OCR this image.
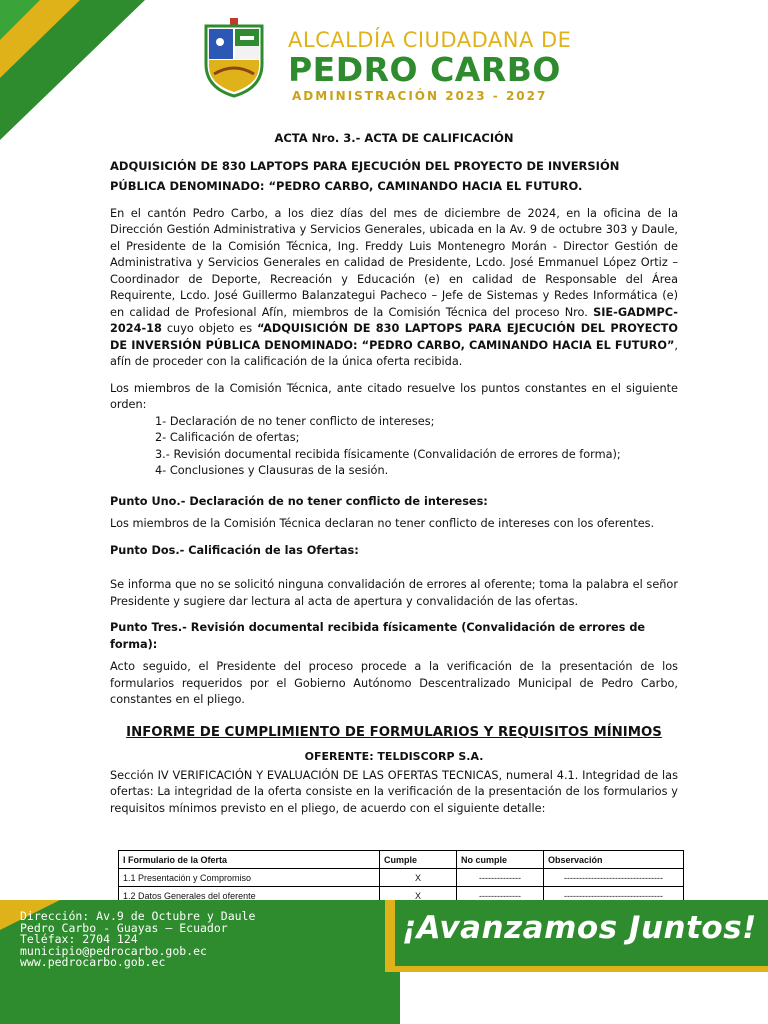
ALCALDÍA CIUDADANA DE
PEDRO CARBO
ADMINISTRACIÓN 2023 - 2027
ACTA Nro. 3.- ACTA DE CALIFICACIÓN
ADQUISICIÓN DE 830 LAPTOPS PARA EJECUCIÓN DEL PROYECTO DE INVERSIÓN PÚBLICA DENOMINADO: “PEDRO CARBO, CAMINANDO HACIA EL FUTURO.

En el cantón Pedro Carbo, a los diez días del mes de diciembre de 2024, en la oficina de la Dirección Gestión Administrativa y Servicios Generales, ubicada en la Av. 9 de octubre 303 y Daule, el Presidente de la Comisión Técnica, Ing. Freddy Luis Montenegro Morán - Director Gestión de Administrativa y Servicios Generales en calidad de Presidente, Lcdo. José Emmanuel López Ortiz – Coordinador de Deporte, Recreación y Educación (e) en calidad de Responsable del Área Requirente, Lcdo. José Guillermo Balanzategui Pacheco – Jefe de Sistemas y Redes Informática (e) en calidad de Profesional Afín, miembros de la Comisión Técnica del proceso Nro. SIE-GADMPC-2024-18 cuyo objeto es “ADQUISICIÓN DE 830 LAPTOPS PARA EJECUCIÓN DEL PROYECTO DE INVERSIÓN PÚBLICA DENOMINADO: “PEDRO CARBO, CAMINANDO HACIA EL FUTURO”, afín de proceder con la calificación de la única oferta recibida.

Los miembros de la Comisión Técnica, ante citado resuelve los puntos constantes en el siguiente orden:

1- Declaración de no tener conflicto de intereses;
2- Calificación de ofertas;
3.- Revisión documental recibida físicamente (Convalidación de errores de forma);
4- Conclusiones y Clausuras de la sesión.
Punto Uno.- Declaración de no tener conflicto de intereses:

Los miembros de la Comisión Técnica declaran no tener conflicto de intereses con los oferentes.

Punto Dos.- Calificación de las Ofertas:

Se informa que no se solicitó ninguna convalidación de errores al oferente; toma la palabra el señor Presidente y sugiere dar lectura al acta de apertura y convalidación de las ofertas.

Punto Tres.- Revisión documental recibida físicamente (Convalidación de errores de forma):

Acto seguido, el Presidente del proceso procede a la verificación de la presentación de los formularios requeridos por el Gobierno Autónomo Descentralizado Municipal de Pedro Carbo, constantes en el pliego.

INFORME DE CUMPLIMIENTO DE FORMULARIOS Y REQUISITOS MÍNIMOS
OFERENTE: TELDISCORP S.A.

Sección IV VERIFICACIÓN Y EVALUACIÓN DE LAS OFERTAS TECNICAS, numeral 4.1. Integridad de las ofertas: La integridad de la oferta consiste en la verificación de la presentación de los formularios y requisitos mínimos previsto en el pliego, de acuerdo con el siguiente detalle:

I Formulario de la Oferta	Cumple	No cumple	Observación
1.1 Presentación y Compromiso	X	--------------	---------------------------------
1.2 Datos Generales del oferente	X	--------------	---------------------------------
Dirección: Av.9 de Octubre y Daule
Pedro Carbo - Guayas – Ecuador
Teléfax: 2704 124
municipio@pedrocarbo.gob.ec
www.pedrocarbo.gob.ec
¡Avanzamos Juntos!
